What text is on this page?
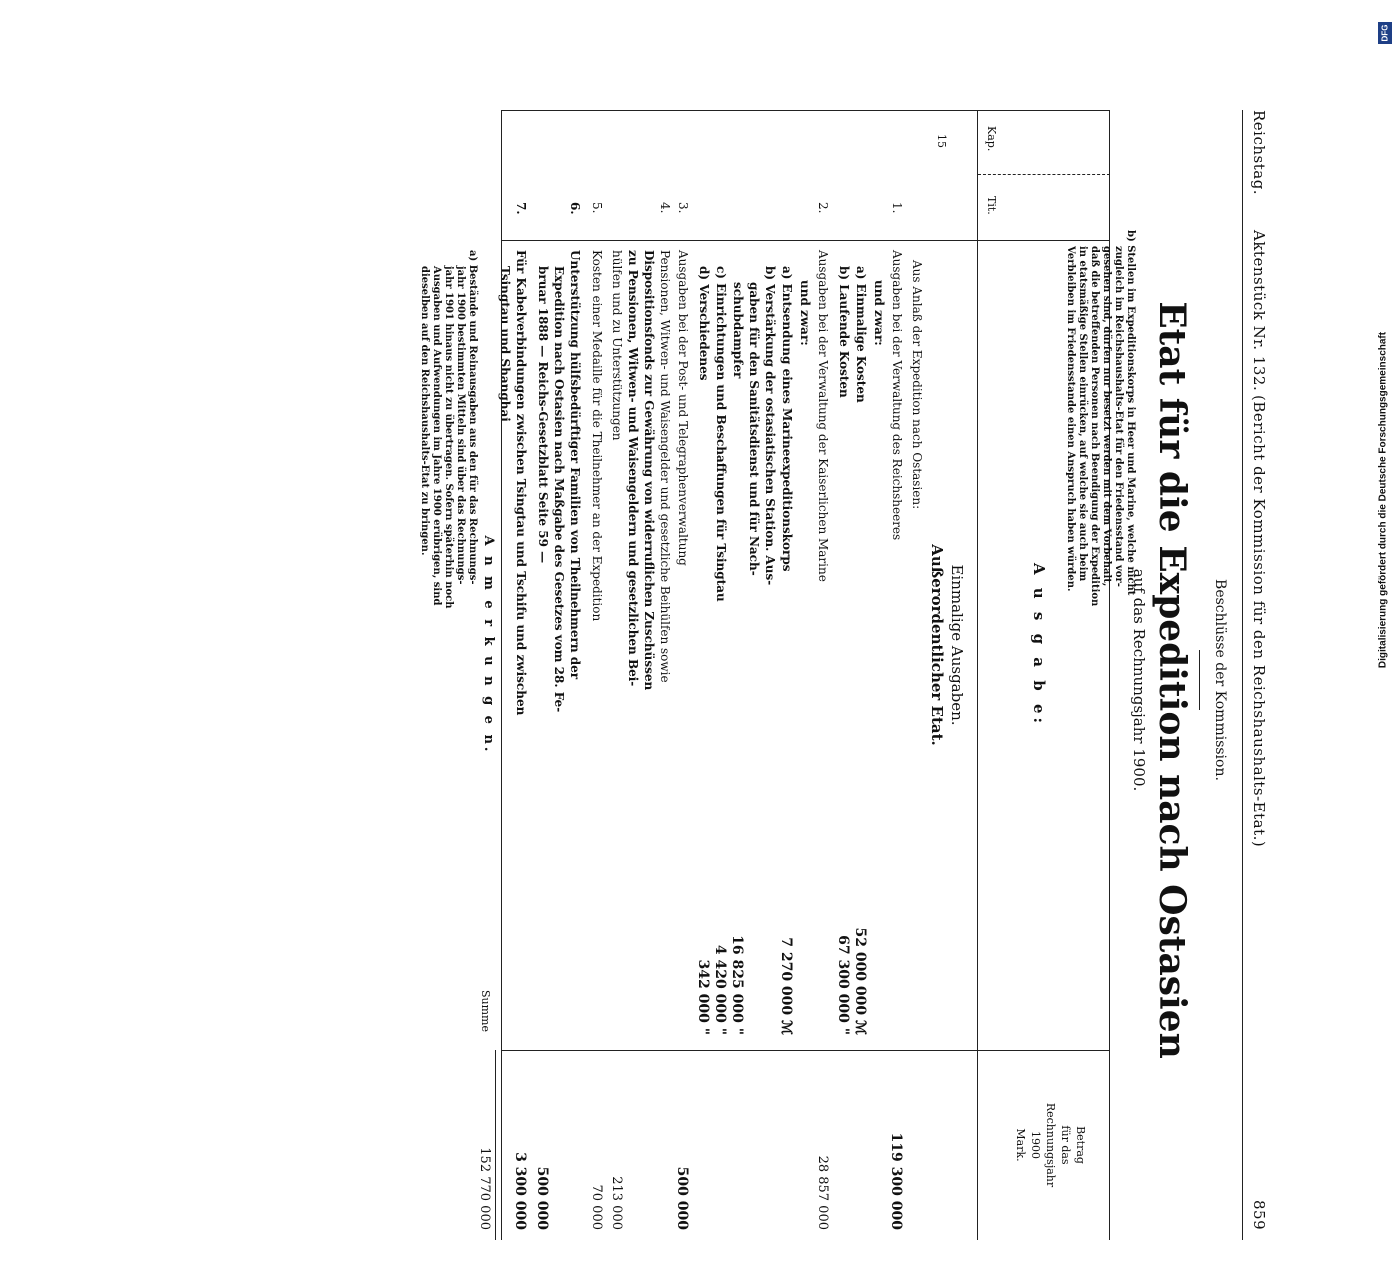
Reichstag.
Aktenstück Nr. 132.
(Bericht der Kommission für den Reichshaushalts-Etat.)
859
Beschlüsse der Kommission.
Etat für die Expedition nach Ostasien
auf das Rechnungsjahr 1900.
Kap.
Tit.
A u s g a b e:
Betrag
für das
Rechnungsjahr
1900
Mark.
Einmalige Ausgaben.
Außerordentlicher Etat.
15
Aus Anlaß der Expedition nach Ostasien:
1.
Ausgaben bei der Verwaltung des Reichsheeres
119 300 000
und zwar:
a) Einmalige Kosten
52 000 000 ℳ
b) Laufende Kosten
67 300 000 "
2.
Ausgaben bei der Verwaltung der Kaiserlichen Marine
28 857 000
und zwar:
a) Entsendung eines Marineexpeditionskorps
7 270 000 ℳ
b) Verstärkung der ostasiatischen Station. Aus-
gaben für den Sanitätsdienst und für Nach-
schubdampfer
16 825 000 "
c) Einrichtungen und Beschaffungen für Tsingtau
4 420 000 "
d) Verschiedenes
342 000 "
3.
Ausgaben bei der Post- und Telegraphenverwaltung
500 000
4.
Pensionen, Witwen- und Waisengelder und gesetzliche Beihülfen sowie
Dispositionsfonds zur Gewährung von widerruflichen Zuschüssen
zu Pensionen, Witwen- und Waisengeldern und gesetzlichen Bei-
hülfen und zu Unterstützungen
213 000
5.
Kosten einer Medaille für die Theilnehmer an der Expedition
70 000
6.
Unterstützung hülfsbedürftiger Familien von Theilnehmern der
Expedition nach Ostasien nach Maßgabe des Gesetzes vom 28. Fe-
bruar 1888 — Reichs-Gesetzblatt Seite 59 —
500 000
7.
Für Kabelverbindungen zwischen Tsingtau und Tschifu und zwischen
Tsingtau und Shanghai
3 300 000
A n m e r k u n g e n.
a) Bestände und Reinausgaben aus den für das Rechnungs-
jahr 1900 bestimmten Mitteln sind über das Rechnungs-
jahr 1901 hinaus nicht zu übertragen. Sofern späterhin noch
Ausgaben und Aufwendungen im Jahre 1900 erübrigen, sind
dieselben auf den Reichshaushalts-Etat zu bringen.
Summe
152 770 000
b) Stellen im Expeditionskorps in Heer und Marine, welche nicht
zugleich im Reichshaushalts-Etat für den Friedensstand vor-
gesehen sind, dürfen nur besetzt werden mit dem Vorbehalt,
daß die betreffenden Personen nach Beendigung der Expedition
in etatsmäßige Stellen einrücken, auf welche sie auch beim
Verbleiben im Friedensstande einen Anspruch haben würden.
DFG
Digitalisierung gefördert durch die Deutsche Forschungsgemeinschaft
